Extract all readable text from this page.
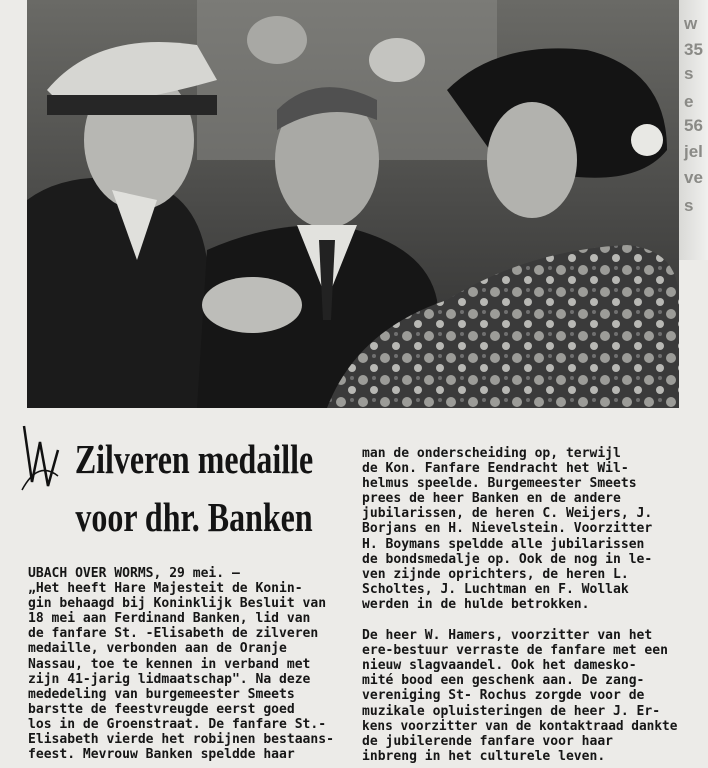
w
35
s
e
56
jel
ve
s
Zilveren medaille
voor dhr. Banken
UBACH OVER WORMS, 29 mei. —
„Het heeft Hare Majesteit de Konin-
gin behaagd bij Koninklijk Besluit van
18 mei aan Ferdinand Banken, lid van
de fanfare St. -Elisabeth de zilveren
medaille, verbonden aan de Oranje
Nassau, toe te kennen in verband met
zijn 41-jarig lidmaatschap". Na deze
mededeling van burgemeester Smeets
barstte de feestvreugde eerst goed
los in de Groenstraat. De fanfare St.-
Elisabeth vierde het robijnen bestaans-
feest. Mevrouw Banken speldde haar
man de onderscheiding op, terwijl
de Kon. Fanfare Eendracht het Wil-
helmus speelde. Burgemeester Smeets
prees de heer Banken en de andere
jubilarissen, de heren C. Weijers, J.
Borjans en H. Nievelstein. Voorzitter
H. Boymans speldde alle jubilarissen
de bondsmedalje op. Ook de nog in le-
ven zijnde oprichters, de heren L.
Scholtes, J. Luchtman en F. Wollak
werden in de hulde betrokken.
De heer W. Hamers, voorzitter van het
ere-bestuur verraste de fanfare met een
nieuw slagvaandel. Ook het dameskо-
mité bood een geschenk aan. De zang-
vereniging St- Rochus zorgde voor de
muzikale opluisteringen de heer J. Er-
kens voorzitter van de kontaktraad dankte
de jubilerende fanfare voor haar
inbreng in het culturele leven.
